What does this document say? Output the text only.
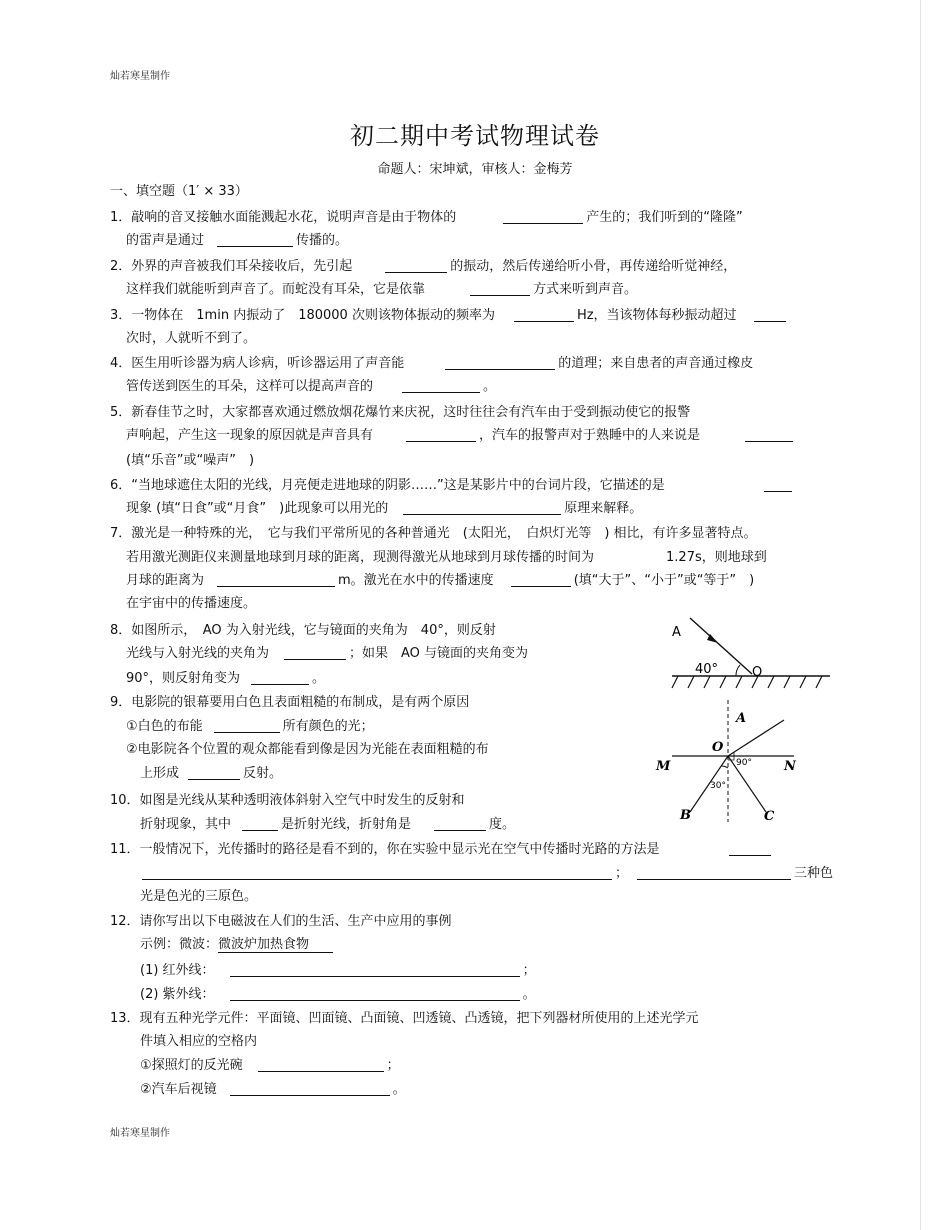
灿若寒星制作
初二期中考试物理试卷
命题人：宋坤斌，审核人：金梅芳
一、填空题（1′ × 33）
1．敲响的音叉接触水面能溅起水花，说明声音是由于物体的	产生的；我们听到的“隆隆”
的雷声是通过	传播的。
2．外界的声音被我们耳朵接收后，先引起	的振动，然后传递给听小骨，再传递给听觉神经，
这样我们就能听到声音了。而蛇没有耳朵，它是依靠	方式来听到声音。
3．一物体在　1min 内振动了　180000 次则该物体振动的频率为	Hz，当该物体每秒振动超过
次时，人就听不到了。
4．医生用听诊器为病人诊病，听诊器运用了声音能	的道理；来自患者的声音通过橡皮
管传送到医生的耳朵，这样可以提高声音的	。
5．新春佳节之时，大家都喜欢通过燃放烟花爆竹来庆祝，这时往往会有汽车由于受到振动使它的报警
声响起，产生这一现象的原因就是声音具有	，汽车的报警声对于熟睡中的人来说是
(填“乐音”或“噪声”　)
6．“当地球遮住太阳的光线，月亮便走进地球的阴影……”这是某影片中的台词片段，它描述的是
现象 (填“日食”或“月食”　)此现象可以用光的	原理来解释。
7．激光是一种特殊的光，　它与我们平常所见的各种普通光　(太阳光，　白炽灯光等　) 相比，有许多显著特点。
若用激光测距仪来测量地球到月球的距离，现测得激光从地球到月球传播的时间为	1.27s，则地球到
月球的距离为	m。激光在水中的传播速度	(填“大于”、“小于”或“等于”　)
在宇宙中的传播速度。
8．如图所示，　AO 为入射光线，它与镜面的夹角为　40°，则反射
光线与入射光线的夹角为	；如果　AO 与镜面的夹角变为
90°，则反射角变为	。
9．电影院的银幕要用白色且表面粗糙的布制成，是有两个原因
①白色的布能	所有颜色的光；
②电影院各个位置的观众都能看到像是因为光能在表面粗糙的布
上形成	反射。
10．如图是光线从某种透明液体斜射入空气中时发生的反射和
折射现象，其中	是折射光线，折射角是	度。
11．一般情况下，光传播时的路径是看不到的，你在实验中显示光在空气中传播时光路的方法是
；	三种色
光是色光的三原色。
12．请你写出以下电磁波在人们的生活、生产中应用的事例
示例：微波：微波炉加热食物
(1) 红外线：	；
(2) 紫外线：	。
13．现有五种光学元件：平面镜、凹面镜、凸面镜、凹透镜、凸透镜，把下列器材所使用的上述光学元
件填入相应的空格内
①探照灯的反光碗	；
②汽车后视镜	。
灿若寒星制作
A
40°	O
A
O
M	N
B	C
90°
30°
